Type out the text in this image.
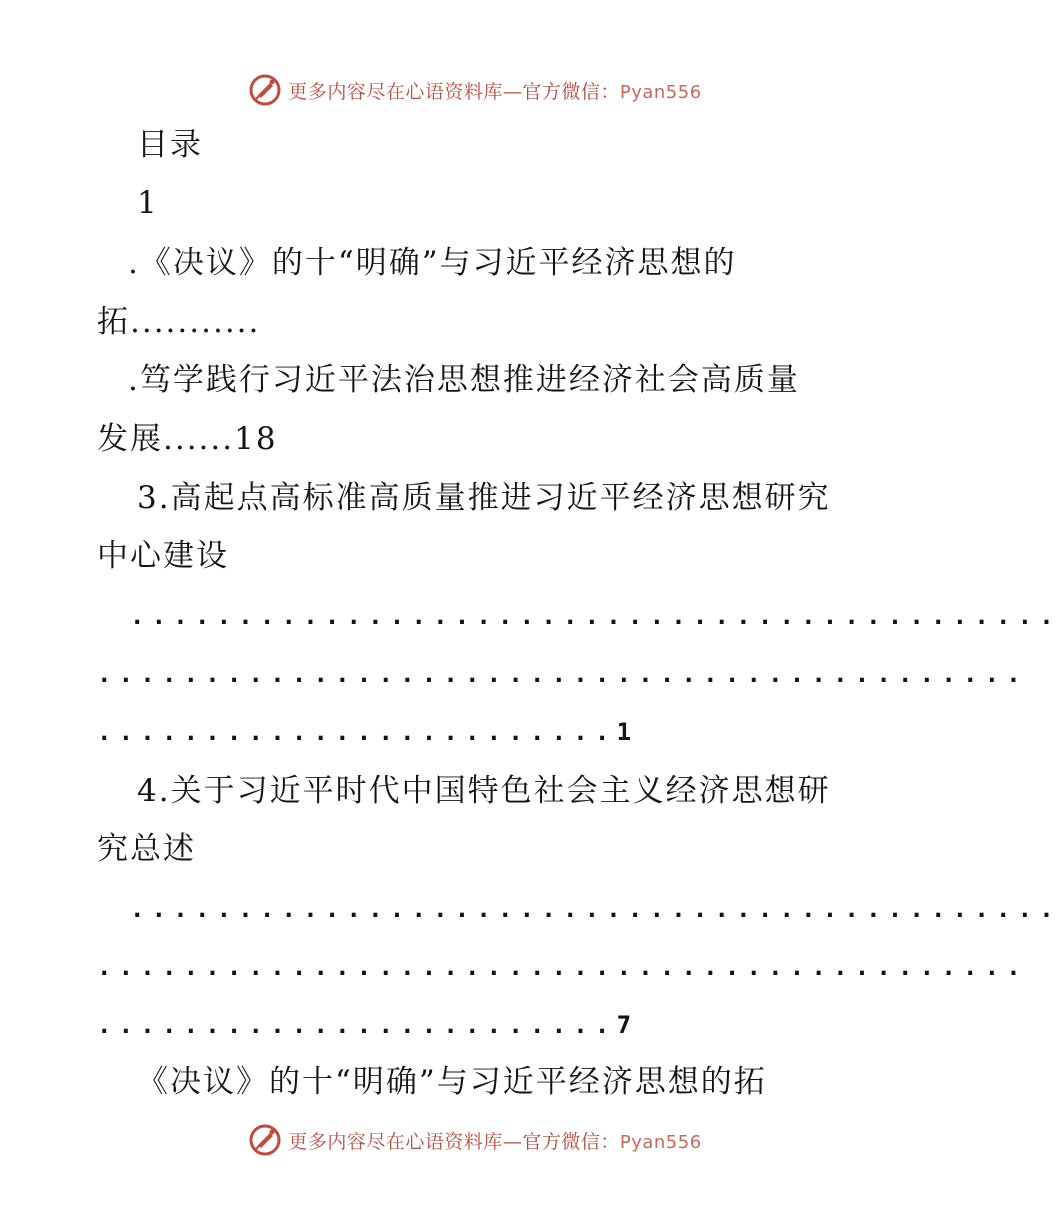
更多内容尽在心语资料库—官方微信：Pyan556
目录
1
.《决议》的十“明确”与习近平经济思想的
拓...........
.笃学践行习近平法治思想推进经济社会高质量
发展......18
3.高起点高标准高质量推进习近平经济思想研究
中心建设
...........................................
...........................................
........................1
4.关于习近平时代中国特色社会主义经济思想研
究总述
...........................................
...........................................
........................7
《决议》的十“明确”与习近平经济思想的拓
更多内容尽在心语资料库—官方微信：Pyan556
